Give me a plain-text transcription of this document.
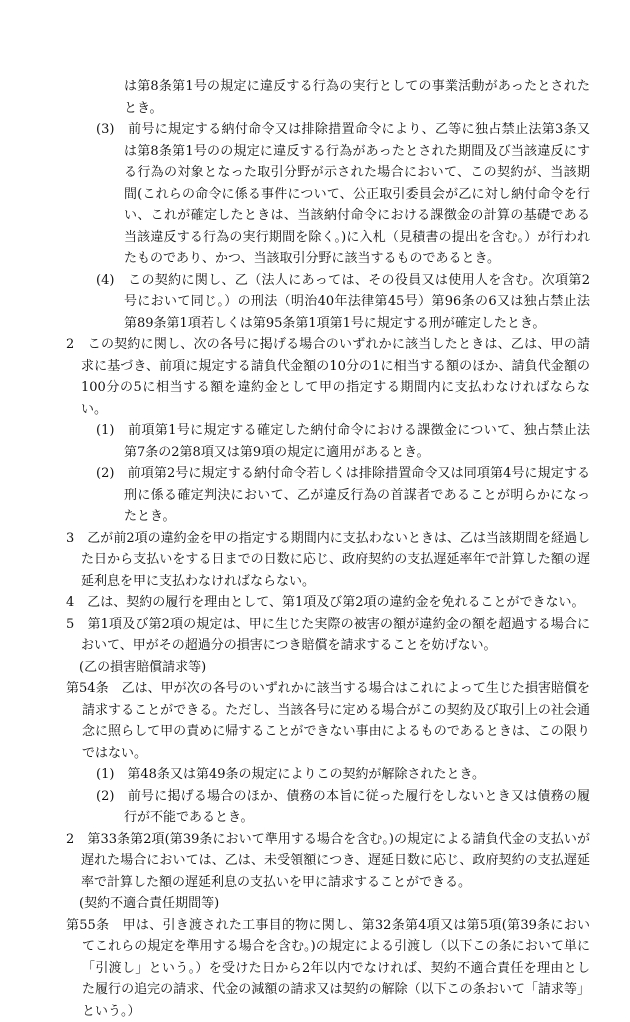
は第8条第1号の規定に違反する行為の実行としての事業活動があったとされたとき。

(3)　前号に規定する納付命令又は排除措置命令により、乙等に独占禁止法第3条又は第8条第1号のの規定に違反する行為があったとされた期間及び当該違反にする行為の対象となった取引分野が示された場合において、この契約が、当該期間(これらの命令に係る事件について、公正取引委員会が乙に対し納付命令を行い、これが確定したときは、当該納付命令における課徴金の計算の基礎である当該違反する行為の実行期間を除く。)に入札（見積書の提出を含む。）が行われたものであり、かつ、当該取引分野に該当するものであるとき。

(4)　この契約に関し、乙（法人にあっては、その役員又は使用人を含む。次項第2号において同じ。）の刑法（明治40年法律第45号）第96条の6又は独占禁止法第89条第1項若しくは第95条第1項第1号に規定する刑が確定したとき。

2　この契約に関し、次の各号に掲げる場合のいずれかに該当したときは、乙は、甲の請求に基づき、前項に規定する請負代金額の10分の1に相当する額のほか、請負代金額の100分の5に相当する額を違約金として甲の指定する期間内に支払わなければならない。

(1)　前項第1号に規定する確定した納付命令における課徴金について、独占禁止法第7条の2第8項又は第9項の規定に適用があるとき。

(2)　前項第2号に規定する納付命令若しくは排除措置命令又は同項第4号に規定する刑に係る確定判決において、乙が違反行為の首謀者であることが明らかになったとき。

3　乙が前2項の違約金を甲の指定する期間内に支払わないときは、乙は当該期間を経過した日から支払いをする日までの日数に応じ、政府契約の支払遅延率年で計算した額の遅延利息を甲に支払わなければならない。

4　乙は、契約の履行を理由として、第1項及び第2項の違約金を免れることができない。

5　第1項及び第2項の規定は、甲に生じた実際の被害の額が違約金の額を超過する場合において、甲がその超過分の損害につき賠償を請求することを妨げない。

(乙の損害賠償請求等)

第54条　乙は、甲が次の各号のいずれかに該当する場合はこれによって生じた損害賠償を請求することができる。ただし、当該各号に定める場合がこの契約及び取引上の社会通念に照らして甲の責めに帰することができない事由によるものであるときは、この限りではない。

(1)　第48条又は第49条の規定によりこの契約が解除されたとき。

(2)　前号に掲げる場合のほか、債務の本旨に従った履行をしないとき又は債務の履行が不能であるとき。

2　第33条第2項(第39条において準用する場合を含む。)の規定による請負代金の支払いが遅れた場合においては、乙は、未受領額につき、遅延日数に応じ、政府契約の支払遅延率で計算した額の遅延利息の支払いを甲に請求することができる。

(契約不適合責任期間等)

第55条　甲は、引き渡された工事目的物に関し、第32条第4項又は第5項(第39条においてこれらの規定を準用する場合を含む。)の規定による引渡し（以下この条において単に「引渡し」という。）を受けた日から2年以内でなければ、契約不適合責任を理由とした履行の追完の請求、代金の減額の請求又は契約の解除（以下この条おいて「請求等」という。）
